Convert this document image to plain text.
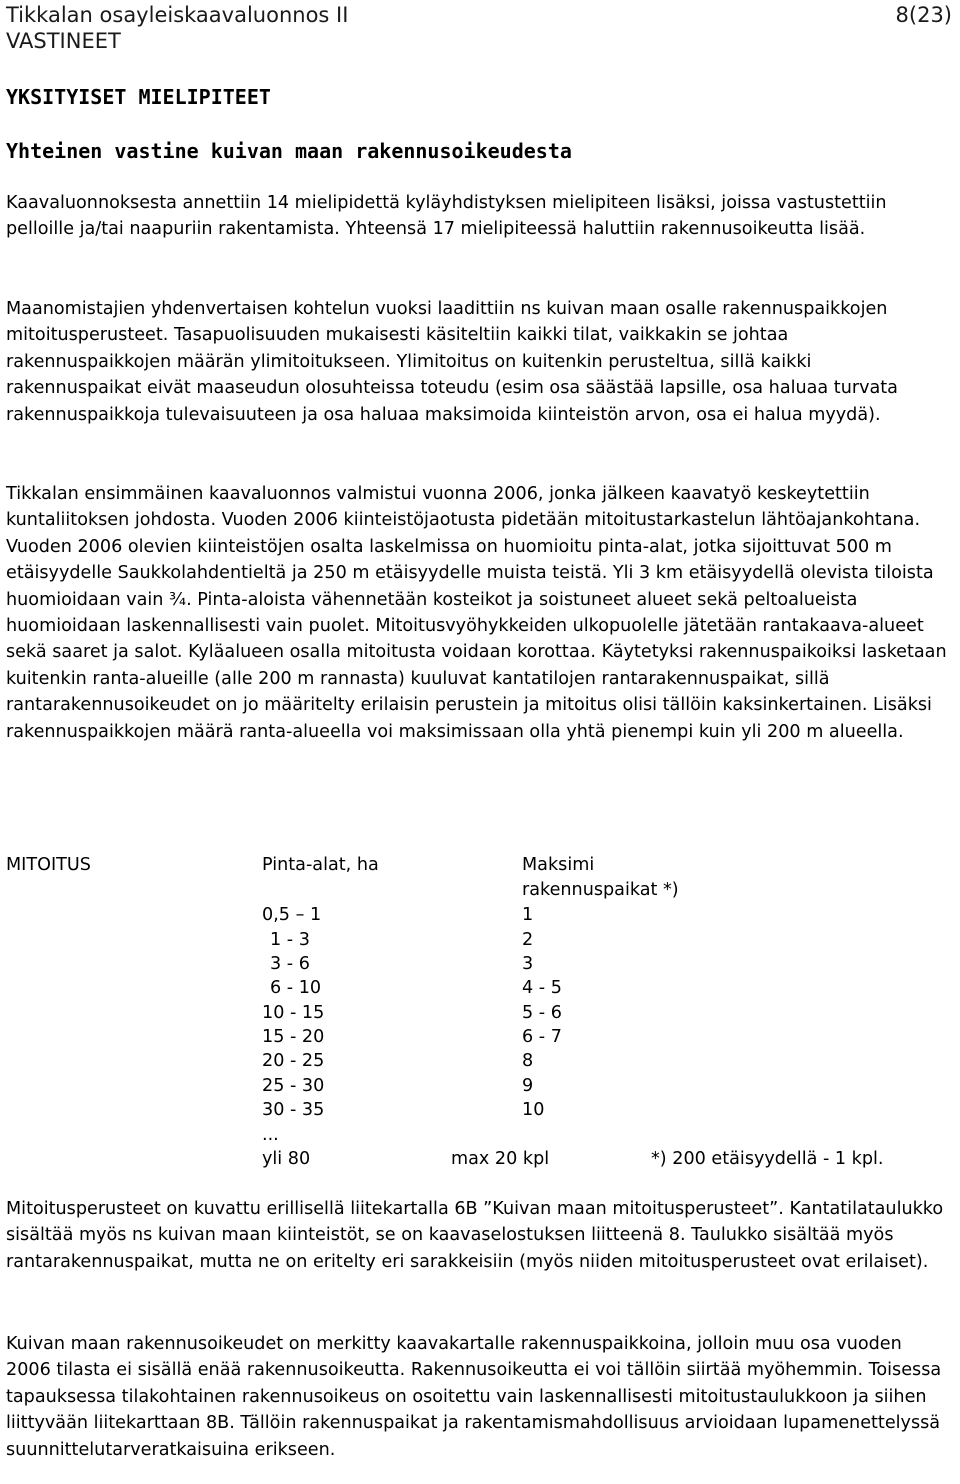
Tikkalan osayleiskaavaluonnos II
VASTINEET
8(23)
YKSITYISET MIELIPITEET
Yhteinen vastine kuivan maan rakennusoikeudesta

Kaavaluonnoksesta annettiin 14 mielipidettä kyläyhdistyksen mielipiteen lisäksi, joissa vastustettiin pelloille ja/tai naapuriin rakentamista. Yhteensä 17 mielipiteessä haluttiin rakennusoikeutta lisää.

Maanomistajien yhdenvertaisen kohtelun vuoksi laadittiin ns kuivan maan osalle rakennuspaikkojen mitoitusperusteet. Tasapuolisuuden mukaisesti käsiteltiin kaikki tilat, vaikkakin se johtaa rakennuspaikkojen määrän ylimitoitukseen. Ylimitoitus on kuitenkin perusteltua, sillä kaikki rakennuspaikat eivät maaseudun olosuhteissa toteudu (esim osa säästää lapsille, osa haluaa turvata rakennuspaikkoja tulevaisuuteen ja osa haluaa maksimoida kiinteistön arvon, osa ei halua myydä).

Tikkalan ensimmäinen kaavaluonnos valmistui vuonna 2006, jonka jälkeen kaavatyö keskeytettiin kuntaliitoksen johdosta. Vuoden 2006 kiinteistöjaotusta pidetään mitoitustarkastelun lähtöajankohtana. Vuoden 2006 olevien kiinteistöjen osalta laskelmissa on huomioitu pinta-alat, jotka sijoittuvat 500 m etäisyydelle Saukkolahdentieltä ja 250 m etäisyydelle muista teistä. Yli 3 km etäisyydellä olevista tiloista huomioidaan vain ¾. Pinta-aloista vähennetään kosteikot ja soistuneet alueet sekä peltoalueista huomioidaan laskennallisesti vain puolet. Mitoitusvyöhykkeiden ulkopuolelle jätetään rantakaava-alueet sekä saaret ja salot. Kyläalueen osalla mitoitusta voidaan korottaa. Käytetyksi rakennuspaikoiksi lasketaan kuitenkin ranta-alueille (alle 200 m rannasta) kuuluvat kantatilojen rantarakennuspaikat, sillä rantarakennusoikeudet on jo määritelty erilaisin perustein ja mitoitus olisi tällöin kaksinkertainen. Lisäksi rakennuspaikkojen määrä ranta-alueella voi maksimissaan olla yhtä pienempi kuin yli 200 m alueella.

MITOITUS	Pinta-alat, ha	Maksimi
rakennuspaikat *)
0,5 – 1	1
1 - 3	2
3 - 6	3
6 - 10	4 - 5
10 - 15	5 - 6
15 - 20	6 - 7
20 - 25	8
25 - 30	9
30 - 35	10
...
yli 80	max 20 kpl	*) 200 etäisyydellä - 1 kpl.

Mitoitusperusteet on kuvattu erillisellä liitekartalla 6B ”Kuivan maan mitoitusperusteet”. Kantatilataulukko sisältää myös ns kuivan maan kiinteistöt, se on kaavaselostuksen liitteenä 8. Taulukko sisältää myös rantarakennuspaikat, mutta ne on eritelty eri sarakkeisiin (myös niiden mitoitusperusteet ovat erilaiset).

Kuivan maan rakennusoikeudet on merkitty kaavakartalle rakennuspaikkoina, jolloin muu osa vuoden 2006 tilasta ei sisällä enää rakennusoikeutta. Rakennusoikeutta ei voi tällöin siirtää myöhemmin. Toisessa tapauksessa tilakohtainen rakennusoikeus on osoitettu vain laskennallisesti mitoitustaulukkoon ja siihen liittyvään liitekarttaan 8B. Tällöin rakennuspaikat ja rakentamismahdollisuus arvioidaan lupamenettelyssä suunnittelutarveratkaisuina erikseen.
